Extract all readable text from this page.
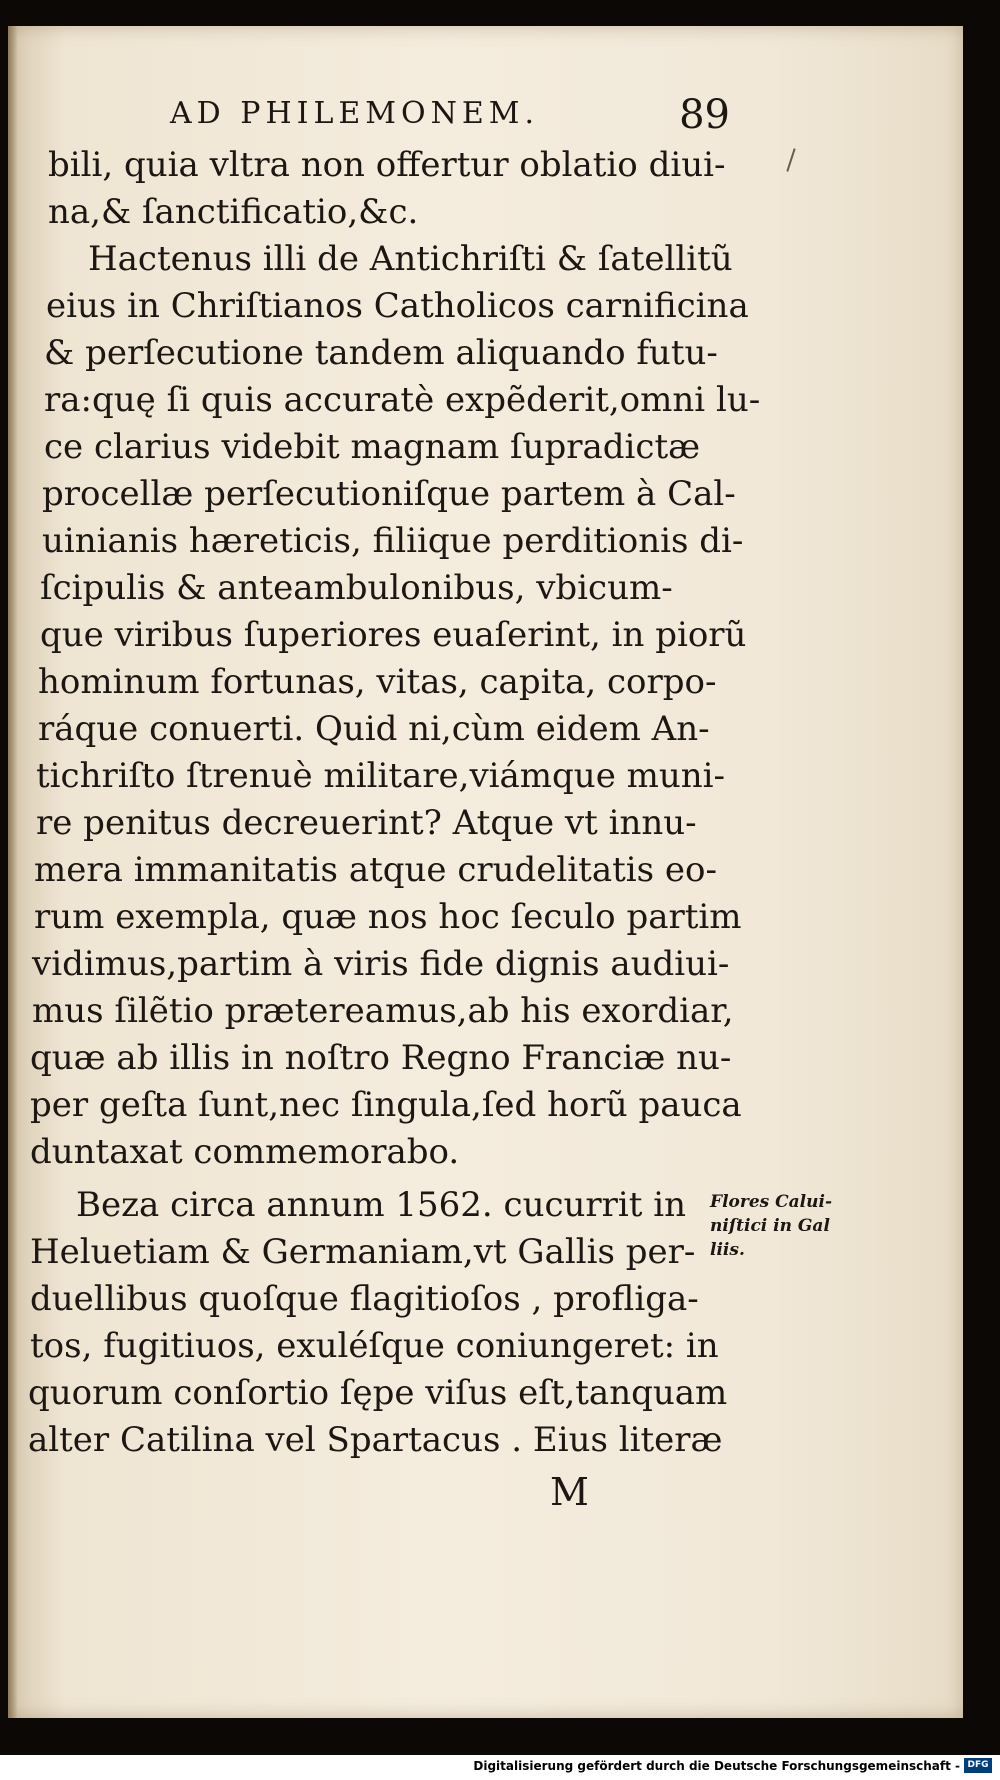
AD PHILEMONEM.	89
bili, quia vltra non offertur oblatio diui-
na,& ſanctificatio,&c.
Hactenus illi de Antichriſti & ſatellitũ
eius in Chriſtianos Catholicos carnificina
& perſecutione tandem aliquando futu-
ra:quę ſi quis accuratè expẽderit,omni lu-
ce clarius videbit magnam ſupradictæ
procellæ perſecutioniſque partem à Cal-
uinianis hæreticis, filiique perditionis di-
ſcipulis & anteambulonibus, vbicum-
que viribus ſuperiores euaſerint, in piorũ
hominum fortunas, vitas, capita, corpo-
ráque conuerti. Quid ni,cùm eidem An-
tichriſto ſtrenuè militare,viámque muni-
re penitus decreuerint? Atque vt innu-
mera immanitatis atque crudelitatis eo-
rum exempla, quæ nos hoc ſeculo partim
vidimus,partim à viris fide dignis audiui-
mus ſilẽtio prætereamus,ab his exordiar,
quæ ab illis in noſtro Regno Franciæ nu-
per geſta ſunt,nec ſingula,ſed horũ pauca
duntaxat commemorabo.
Beza circa annum 1562. cucurrit in
Heluetiam & Germaniam,vt Gallis per-
duellibus quoſque flagitioſos , profliga-
tos, fugitiuos, exuléſque coniungeret: in
quorum conſortio ſępe viſus eſt,tanquam
alter Catilina vel Spartacus . Eius literæ
Flores Calui-
niſtici in Gal
liis.
M
Digitalisierung gefördert durch die Deutsche Forschungsgemeinschaft - DFG
